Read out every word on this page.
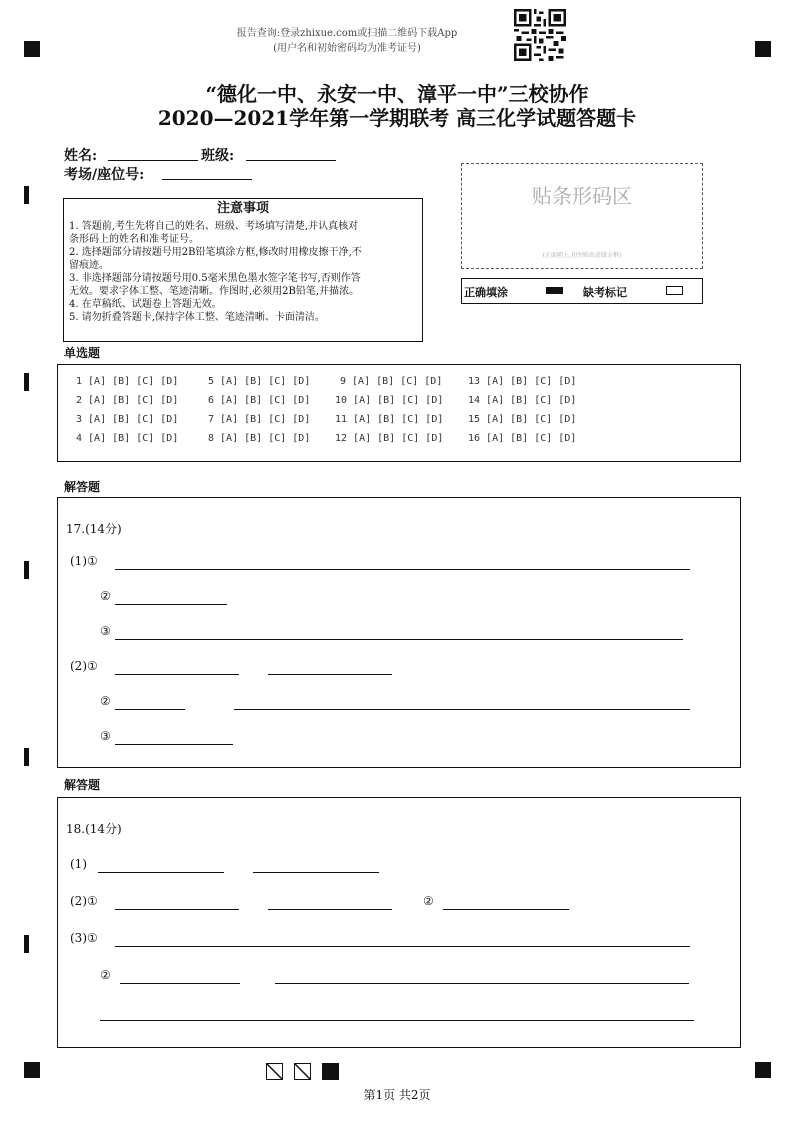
报告查询:登录zhixue.com或扫描二维码下载App
(用户名和初始密码均为准考证号)
“德化一中、永安一中、漳平一中”三校协作
2020—2021学年第一学期联考 高三化学试题答题卡
姓名:	班级:
考场/座位号:
贴条形码区
(正面朝上,切勿贴出虚线方框)
正确填涂	缺考标记
注意事项
1. 答题前,考生先将自己的姓名、班级、考场填写清楚,并认真核对
条形码上的姓名和准考证号。
2. 选择题部分请按题号用2B铅笔填涂方框,修改时用橡皮擦干净,不
留痕迹。
3. 非选择题部分请按题号用0.5毫米黑色墨水签字笔书写,否则作答
无效。要求字体工整、笔迹清晰。作图时,必须用2B铅笔,并描浓。
4. 在草稿纸、试题卷上答题无效。
5. 请勿折叠答题卡,保持字体工整、笔迹清晰、卡面清洁。
单选题
1 [A] [B] [C] [D]	5 [A] [B] [C] [D]	9 [A] [B] [C] [D]	13 [A] [B] [C] [D]
2 [A] [B] [C] [D]	6 [A] [B] [C] [D] 10 [A] [B] [C] [D] 14 [A] [B] [C] [D]
3 [A] [B] [C] [D]	7 [A] [B] [C] [D] 11 [A] [B] [C] [D] 15 [A] [B] [C] [D]
4 [A] [B] [C] [D]	8 [A] [B] [C] [D] 12 [A] [B] [C] [D] 16 [A] [B] [C] [D]
解答题
17.(14分)
(1)①
②
③
(2)①
②
③
解答题
18.(14分)
(1)
(2)①	②
(3)①
②
第1页 共2页
